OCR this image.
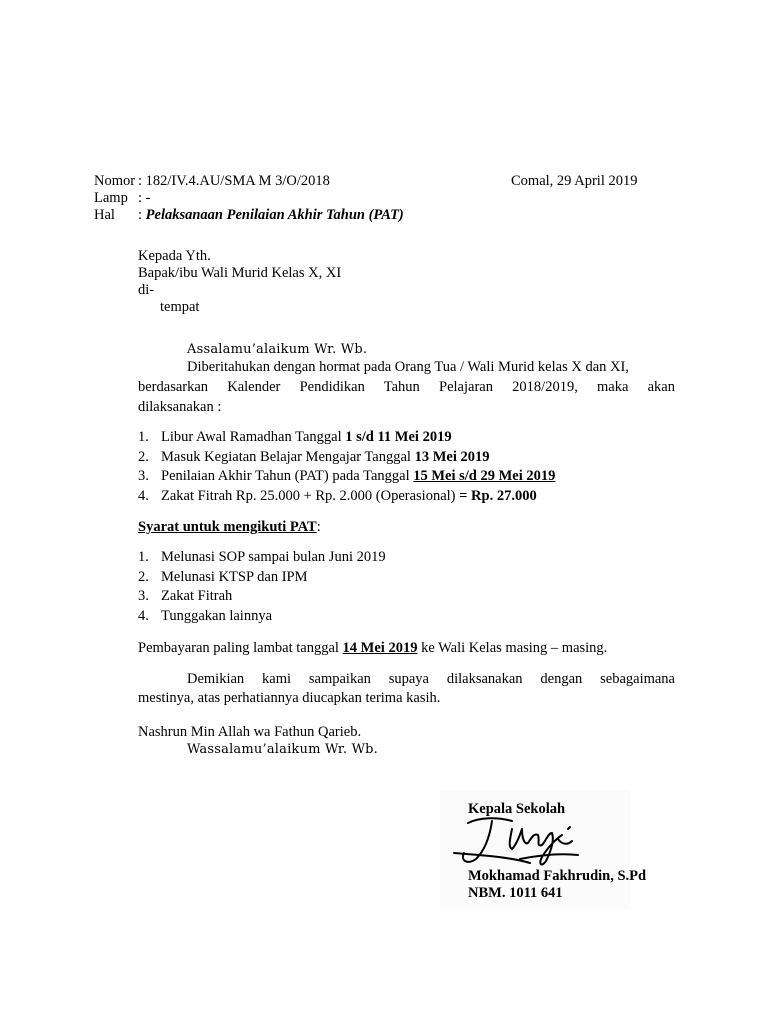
Nomor : 182/IV.4.AU/SMA M 3/O/2018	Comal, 29 April 2019
Lamp : -
Hal : Pelaksanaan Penilaian Akhir Tahun (PAT)
Kepada Yth.
Bapak/ibu Wali Murid Kelas X, XI
di-
tempat
Assalamu’alaikum Wr. Wb.
Diberitahukan dengan hormat pada Orang Tua / Wali Murid kelas X dan XI,
berdasarkan Kalender Pendidikan Tahun Pelajaran 2018/2019, maka akan
dilaksanakan :
1. Libur Awal Ramadhan Tanggal 1 s/d 11 Mei 2019
2. Masuk Kegiatan Belajar Mengajar Tanggal 13 Mei 2019
3. Penilaian Akhir Tahun (PAT) pada Tanggal 15 Mei s/d 29 Mei 2019
4. Zakat Fitrah Rp. 25.000 + Rp. 2.000 (Operasional) = Rp. 27.000
Syarat untuk mengikuti PAT:
1. Melunasi SOP sampai bulan Juni 2019
2. Melunasi KTSP dan IPM
3. Zakat Fitrah
4. Tunggakan lainnya
Pembayaran paling lambat tanggal 14 Mei 2019 ke Wali Kelas masing – masing.
Demikian kami sampaikan supaya dilaksanakan dengan sebagaimana
mestinya, atas perhatiannya diucapkan terima kasih.
Nashrun Min Allah wa Fathun Qarieb.
Wassalamu’alaikum Wr. Wb.
Kepala Sekolah
Mokhamad Fakhrudin, S.Pd
NBM. 1011 641
